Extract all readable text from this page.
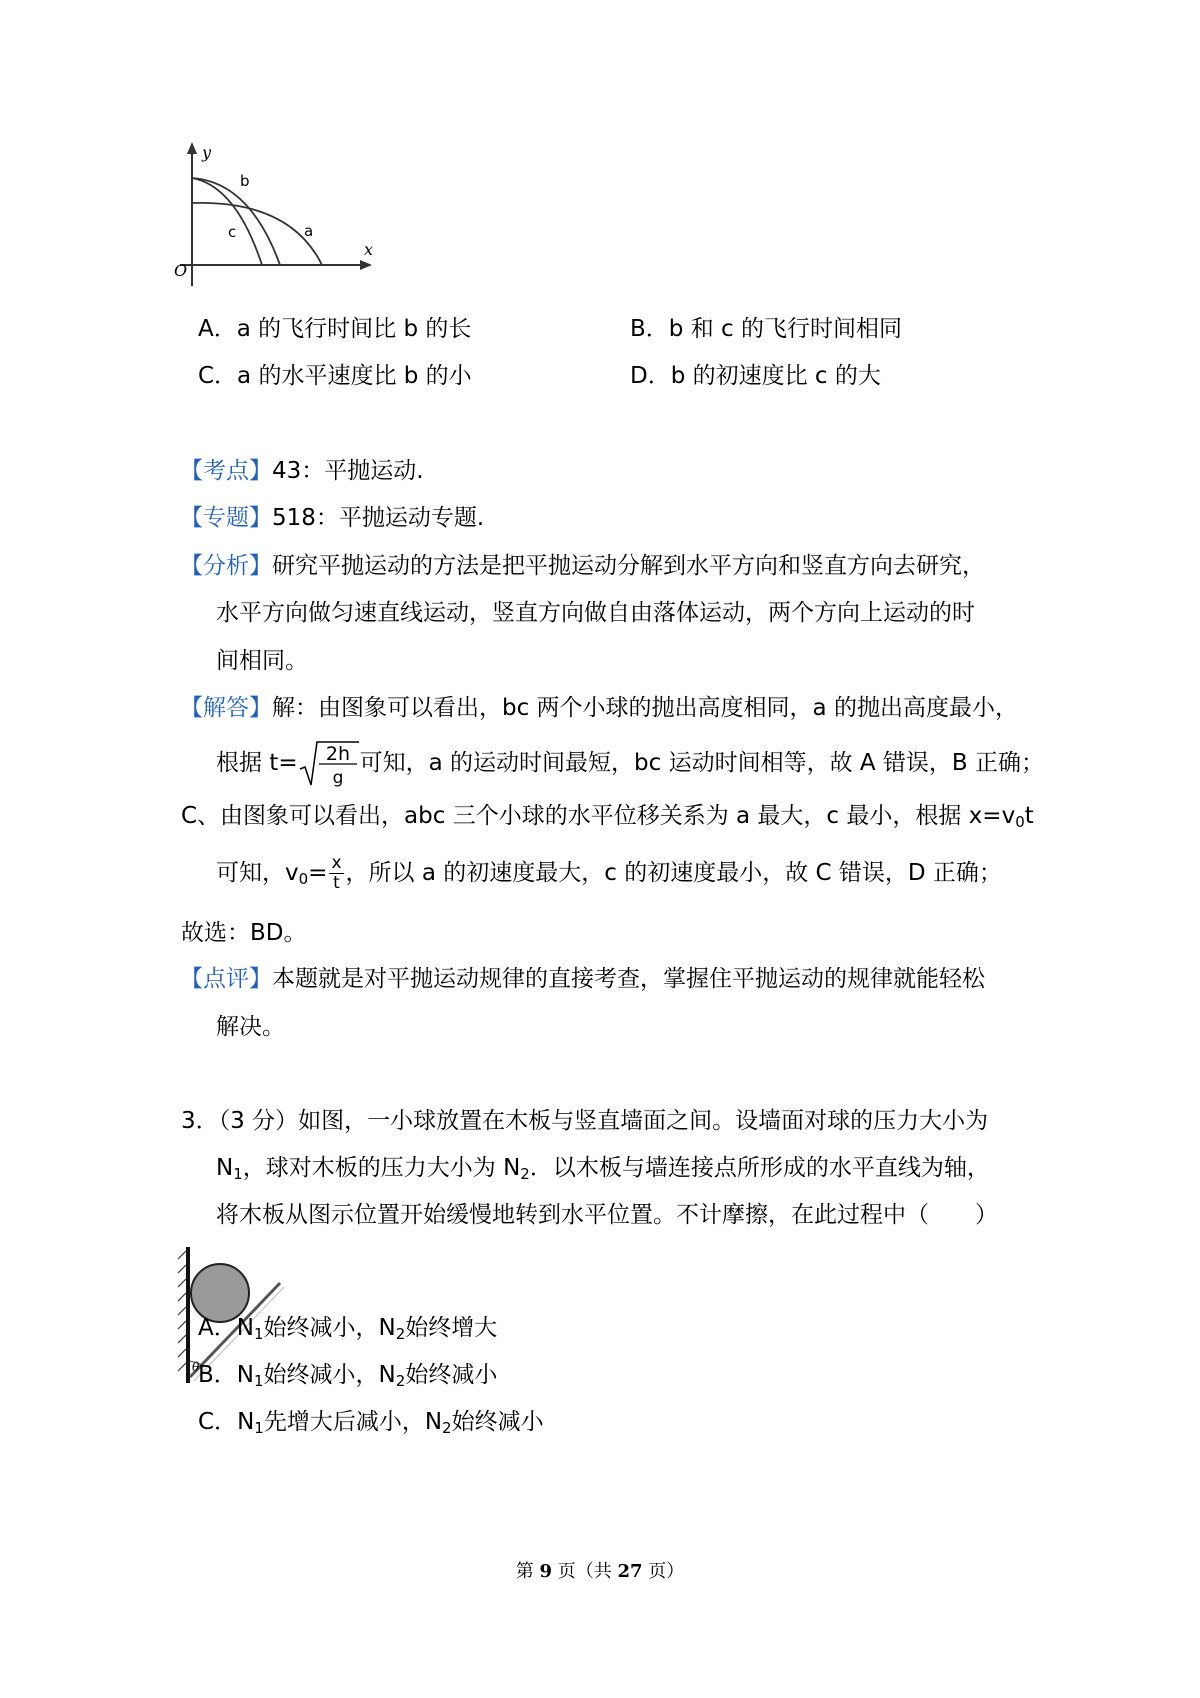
y
x
O
b
c	a
A．a 的飞行时间比 b 的长	B．b 和 c 的飞行时间相同
C．a 的水平速度比 b 的小	D．b 的初速度比 c 的大
【考点】43：平抛运动.
【专题】518：平抛运动专题.
【分析】研究平抛运动的方法是把平抛运动分解到水平方向和竖直方向去研究，
水平方向做匀速直线运动，竖直方向做自由落体运动，两个方向上运动的时
间相同。
【解答】解：由图象可以看出，bc 两个小球的抛出高度相同，a 的抛出高度最小，
根据 t= 2h
g
可知，a 的运动时间最短，bc 运动时间相等，故 A 错误，B 正确；
C、由图象可以看出，abc 三个小球的水平位移关系为 a 最大，c 最小，根据 $x=v_0t$
可知，$v_0= \frac{x}{t}$ ，所以 a 的初速度最大，c 的初速度最小，故 C 错误，D 正确；
故选：BD。
【点评】本题就是对平抛运动规律的直接考查，掌握住平抛运动的规律就能轻松
解决。
3．（3 分）如图，一小球放置在木板与竖直墙面之间。设墙面对球的压力大小为
$N_1$，球对木板的压力大小为 $N_2$．以木板与墙连接点所形成的水平直线为轴，
将木板从图示位置开始缓慢地转到水平位置。不计摩擦，在此过程中（　　）
θ
A．$N_1$始终减小，$N_2$始终增大
B．$N_1$始终减小，$N_2$始终减小
C．$N_1$先增大后减小，$N_2$始终减小
第 9 页（共 27 页）
